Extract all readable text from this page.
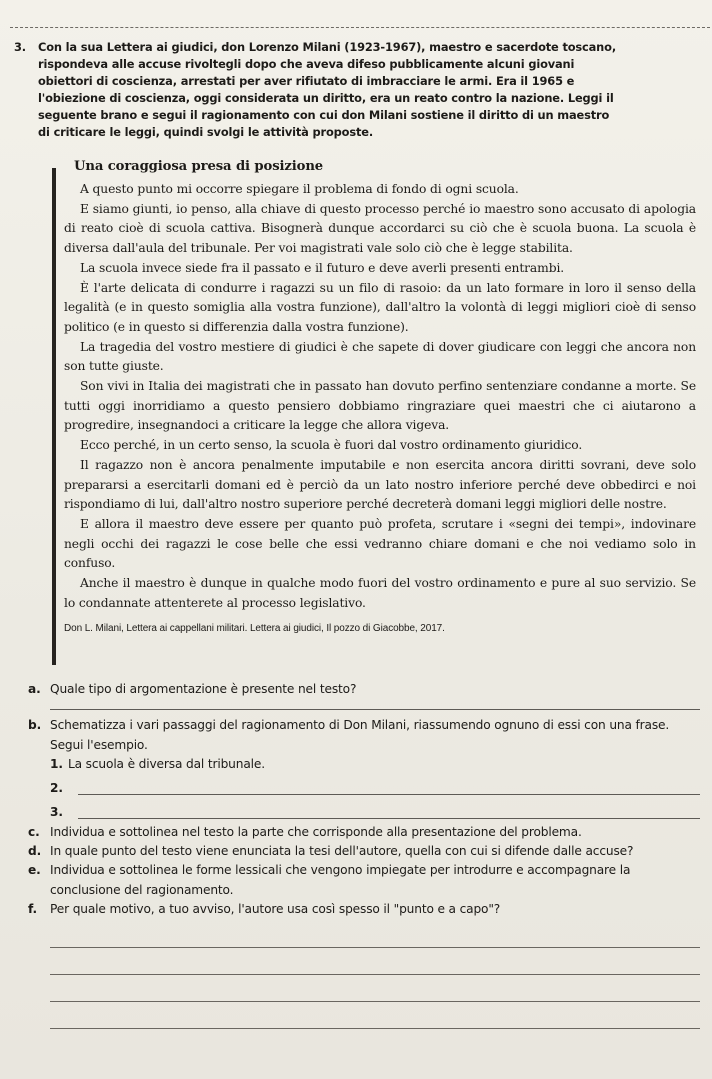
3. Con la sua Lettera ai giudici, don Lorenzo Milani (1923-1967), maestro e sacerdote toscano,
rispondeva alle accuse rivoltegli dopo che aveva difeso pubblicamente alcuni giovani
obiettori di coscienza, arrestati per aver rifiutato di imbracciare le armi. Era il 1965 e
l'obiezione di coscienza, oggi considerata un diritto, era un reato contro la nazione. Leggi il
seguente brano e segui il ragionamento con cui don Milani sostiene il diritto di un maestro
di criticare le leggi, quindi svolgi le attività proposte.
Una coraggiosa presa di posizione

A questo punto mi occorre spiegare il problema di fondo di ogni scuola.

E siamo giunti, io penso, alla chiave di questo processo perché io maestro sono accusato di apologia di reato cioè di scuola cattiva. Bisognerà dunque accordarci su ciò che è scuola buona. La scuola è diversa dall'aula del tribunale. Per voi magistrati vale solo ciò che è legge stabilita.

La scuola invece siede fra il passato e il futuro e deve averli presenti entrambi.

È l'arte delicata di condurre i ragazzi su un filo di rasoio: da un lato formare in loro il senso della legalità (e in questo somiglia alla vostra funzione), dall'altro la volontà di leggi migliori cioè di senso politico (e in questo si differenzia dalla vostra funzione).

La tragedia del vostro mestiere di giudici è che sapete di dover giudicare con leggi che ancora non son tutte giuste.

Son vivi in Italia dei magistrati che in passato han dovuto perfino sentenziare condanne a morte. Se tutti oggi inorridiamo a questo pensiero dobbiamo ringraziare quei maestri che ci aiutarono a progredire, insegnandoci a criticare la legge che allora vigeva.

Ecco perché, in un certo senso, la scuola è fuori dal vostro ordinamento giuridico.

Il ragazzo non è ancora penalmente imputabile e non esercita ancora diritti sovrani, deve solo prepararsi a esercitarli domani ed è perciò da un lato nostro inferiore perché deve obbedirci e noi rispondiamo di lui, dall'altro nostro superiore perché decreterà domani leggi migliori delle nostre.

E allora il maestro deve essere per quanto può profeta, scrutare i «segni dei tempi», indovinare negli occhi dei ragazzi le cose belle che essi vedranno chiare domani e che noi vediamo solo in confuso.

Anche il maestro è dunque in qualche modo fuori del vostro ordinamento e pure al suo servizio. Se lo condannate attenterete al processo legislativo.

Don L. Milani, Lettera ai cappellani militari. Lettera ai giudici, Il pozzo di Giacobbe, 2017.
a. Quale tipo di argomentazione è presente nel testo?
b. Schematizza i vari passaggi del ragionamento di Don Milani, riassumendo ognuno di essi con una frase. Segui l'esempio.
1. La scuola è diversa dal tribunale.
2.
3.
c. Individua e sottolinea nel testo la parte che corrisponde alla presentazione del problema.
d. In quale punto del testo viene enunciata la tesi dell'autore, quella con cui si difende dalle accuse?
e. Individua e sottolinea le forme lessicali che vengono impiegate per introdurre e accompagnare la conclusione del ragionamento.
f. Per quale motivo, a tuo avviso, l'autore usa così spesso il "punto e a capo"?
